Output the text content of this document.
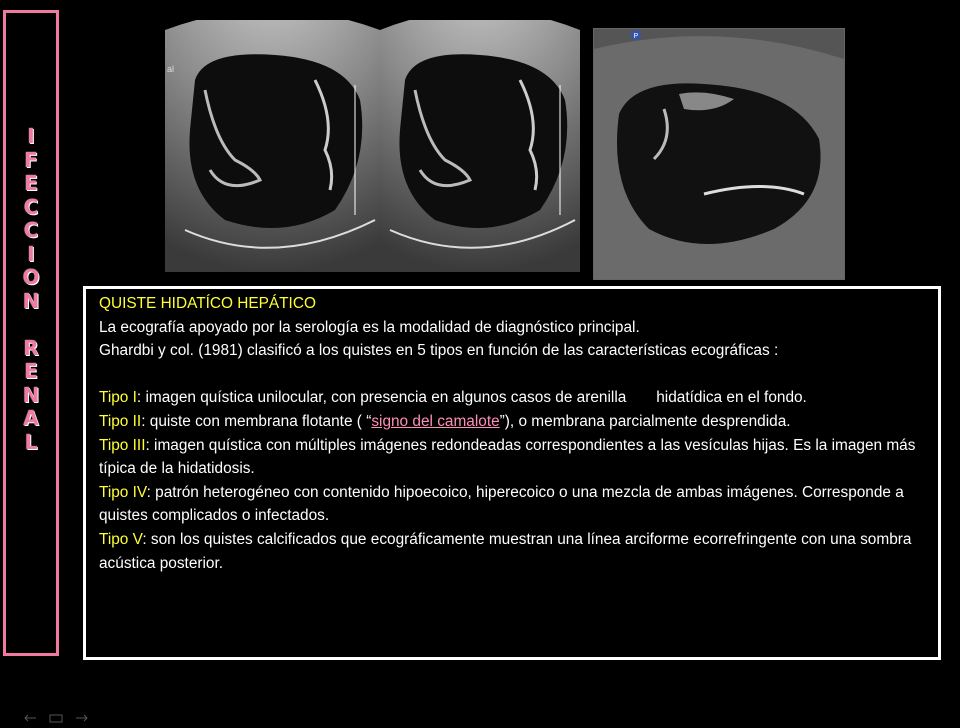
I
F
E
C
C
I
O
N

R
E
N
A
L
al
P

QUISTE HIDATÍCO HEPÁTICO

La ecografía apoyado por la serología es la modalidad de diagnóstico principal.

Ghardbi y col. (1981) clasificó a los quistes en 5 tipos en función de las características ecográficas :

Tipo I: imagen quística unilocular, con presencia en algunos casos de arenilla       hidatídica en el fondo.

Tipo II: quiste con membrana flotante ( “signo del camalote”), o membrana parcialmente desprendida.

Tipo III: imagen quística con múltiples imágenes redondeadas correspondientes a las vesículas hijas. Es la imagen más típica de la hidatidosis.

Tipo IV: patrón heterogéneo con contenido hipoecoico, hiperecoico o una mezcla de ambas imágenes. Corresponde a quistes complicados o infectados.

Tipo V: son los quistes calcificados que ecográficamente muestran una línea arciforme ecorrefringente con una sombra acústica posterior.
